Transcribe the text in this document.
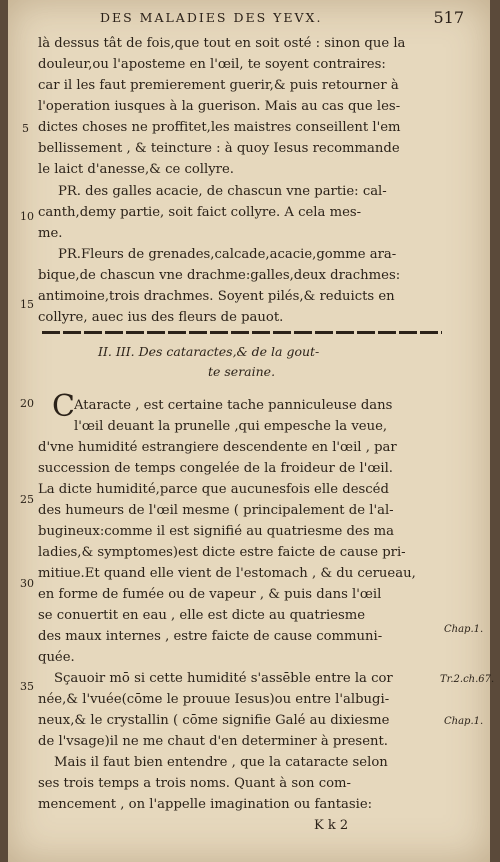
DES MALADIES DES YEVX.	517
là dessus tât de fois,que tout en soit osté : sinon que la
douleur,ou l'aposteme en l'œil, te soyent contraires:
car il les faut premierement guerir,& puis retourner à
l'operation iusques à la guerison. Mais au cas que les-
dictes choses ne proffitet,les maistres conseillent l'em
bellissement , & teincture : à quoy Iesus recommande
le laict d'anesse,& ce collyre.
PR. des galles acacie, de chascun vne partie: cal-
canth,demy partie, soit faict collyre. A cela mes-
me.
PR.Fleurs de grenades,calcade,acacie,gomme ara-
bique,de chascun vne drachme:galles,deux drachmes:
antimoine,trois drachmes. Soyent pilés,& reduicts en
collyre, auec ius des fleurs de pauot.
5
10
15
20
25
30
35
II. III. Des cataractes,& de la gout-
te seraine.
C Ataracte , est certaine tache panniculeuse dans
l'œil deuant la prunelle ,qui empesche la veue,
d'vne humidité estrangiere descendente en l'œil , par
succession de temps congelée de la froideur de l'œil.
La dicte humidité,parce que aucunesfois elle descéd
des humeurs de l'œil mesme ( principalement de l'al-
bugineux:comme il est signifié au quatriesme des ma
ladies,& symptomes)est dicte estre faicte de cause pri-
mitiue.Et quand elle vient de l'estomach , & du cerueau,
en forme de fumée ou de vapeur , & puis dans l'œil
se conuertit en eau , elle est dicte au quatriesme
des maux internes , estre faicte de cause communi-
quée.
Sçauoir mō si cette humidité s'assēble entre la cor
née,& l'vuée(cōme le prouue Iesus)ou entre l'albugi-
neux,& le crystallin ( cōme signifie Galé au dixiesme
de l'vsage)il ne me chaut d'en determiner à present.
Mais il faut bien entendre , que la cataracte selon
ses trois temps a trois noms. Quant à son com-
mencement , on l'appelle imagination ou fantasie:
Chap.1.
Tr.2.ch.67.
Chap.1.
K k 2
